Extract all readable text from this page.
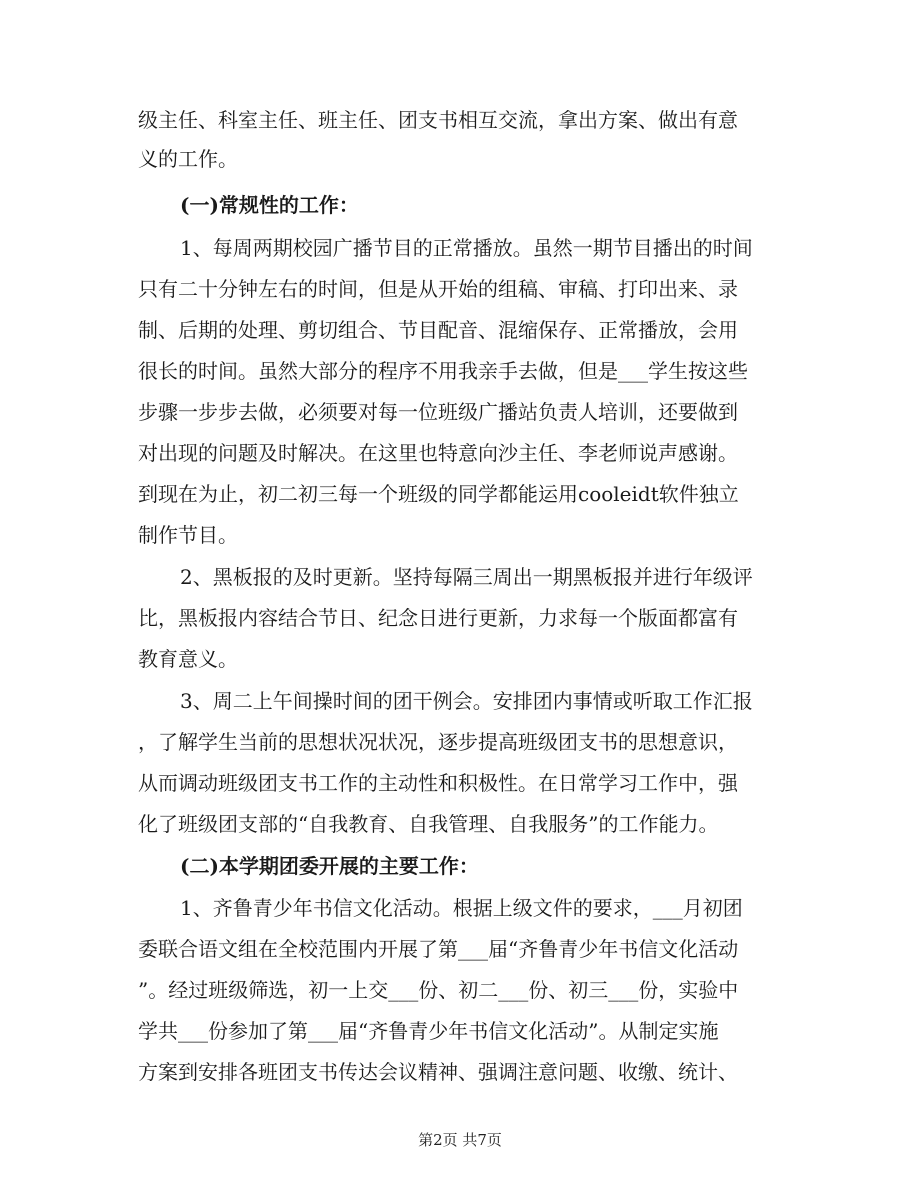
级主任、科室主任、班主任、团支书相互交流，拿出方案、做出有意
义的工作。
(一)常规性的工作：
1、每周两期校园广播节目的正常播放。虽然一期节目播出的时间
只有二十分钟左右的时间，但是从开始的组稿、审稿、打印出来、录
制、后期的处理、剪切组合、节目配音、混缩保存、正常播放，会用
很长的时间。虽然大部分的程序不用我亲手去做，但是___学生按这些
步骤一步步去做，必须要对每一位班级广播站负责人培训，还要做到
对出现的问题及时解决。在这里也特意向沙主任、李老师说声感谢。
到现在为止，初二初三每一个班级的同学都能运用cooleidt软件独立
制作节目。
2、黑板报的及时更新。坚持每隔三周出一期黑板报并进行年级评
比，黑板报内容结合节日、纪念日进行更新，力求每一个版面都富有
教育意义。
3、周二上午间操时间的团干例会。安排团内事情或听取工作汇报
，了解学生当前的思想状况状况，逐步提高班级团支书的思想意识，
从而调动班级团支书工作的主动性和积极性。在日常学习工作中，强
化了班级团支部的“自我教育、自我管理、自我服务”的工作能力。
(二)本学期团委开展的主要工作：
1、齐鲁青少年书信文化活动。根据上级文件的要求，___月初团
委联合语文组在全校范围内开展了第___届“齐鲁青少年书信文化活动
”。经过班级筛选，初一上交___份、初二___份、初三___份，实验中
学共___份参加了第___届“齐鲁青少年书信文化活动”。从制定实施
方案到安排各班团支书传达会议精神、强调注意问题、收缴、统计、
第2页 共7页
